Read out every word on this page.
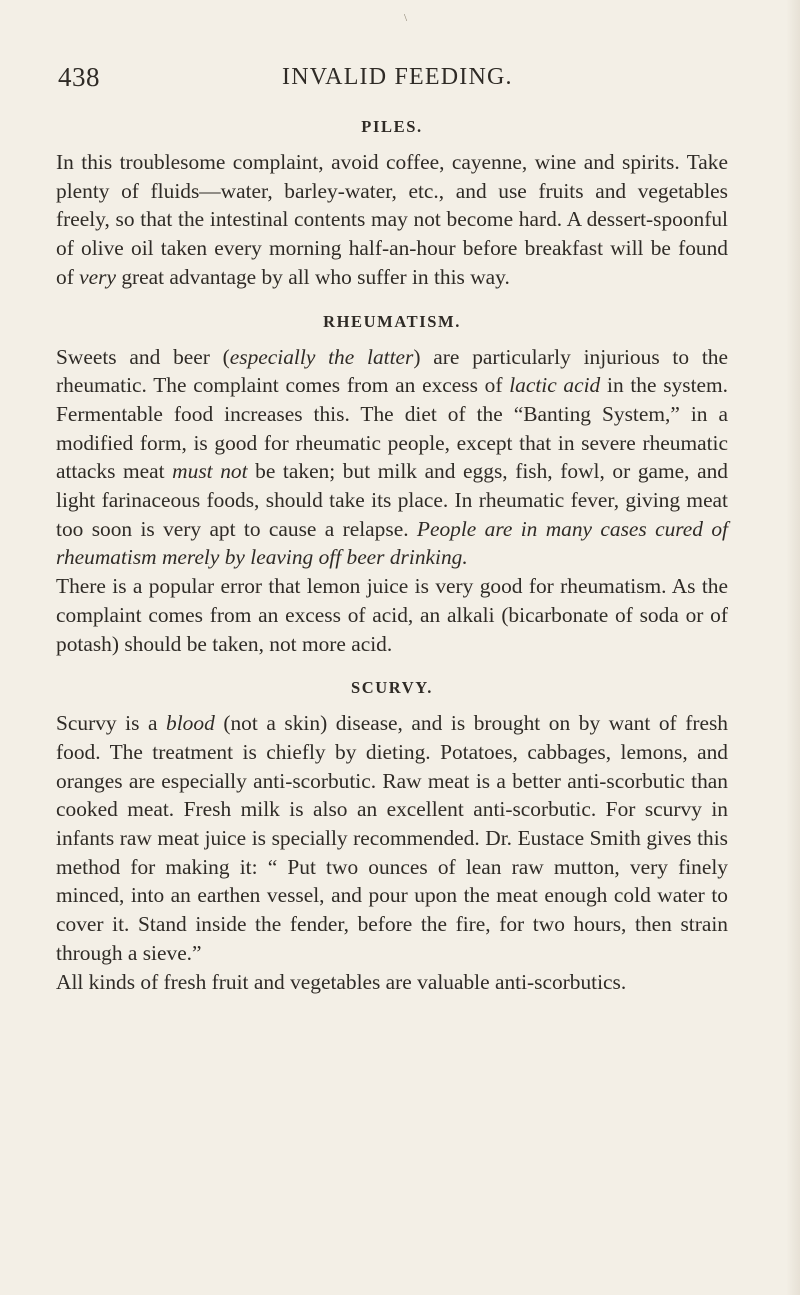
\
438	INVALID FEEDING.
PILES.

In this troublesome complaint, avoid coffee, cayenne, wine and spirits. Take plenty of fluids—water, barley-water, etc., and use fruits and vegetables freely, so that the intestinal contents may not become hard. A dessert-spoonful of olive oil taken every morning half-an-hour before breakfast will be found of very great advantage by all who suffer in this way.

RHEUMATISM.

Sweets and beer (especially the latter) are particularly injurious to the rheumatic. The complaint comes from an excess of lactic acid in the system. Fermentable food increases this. The diet of the “Banting System,” in a modified form, is good for rheumatic people, except that in severe rheumatic attacks meat must not be taken; but milk and eggs, fish, fowl, or game, and light farinaceous foods, should take its place. In rheumatic fever, giving meat too soon is very apt to cause a relapse. People are in many cases cured of rheumatism merely by leaving off beer drinking.

There is a popular error that lemon juice is very good for rheumatism. As the complaint comes from an excess of acid, an alkali (bicarbonate of soda or of potash) should be taken, not more acid.

SCURVY.

Scurvy is a blood (not a skin) disease, and is brought on by want of fresh food. The treatment is chiefly by dieting. Potatoes, cabbages, lemons, and oranges are especially anti-scorbutic. Raw meat is a better anti-scorbutic than cooked meat. Fresh milk is also an excellent anti-scorbutic. For scurvy in infants raw meat juice is specially recommended. Dr. Eustace Smith gives this method for making it: “ Put two ounces of lean raw mutton, very finely minced, into an earthen vessel, and pour upon the meat enough cold water to cover it. Stand inside the fender, before the fire, for two hours, then strain through a sieve.”

All kinds of fresh fruit and vegetables are valuable anti-scorbutics.
